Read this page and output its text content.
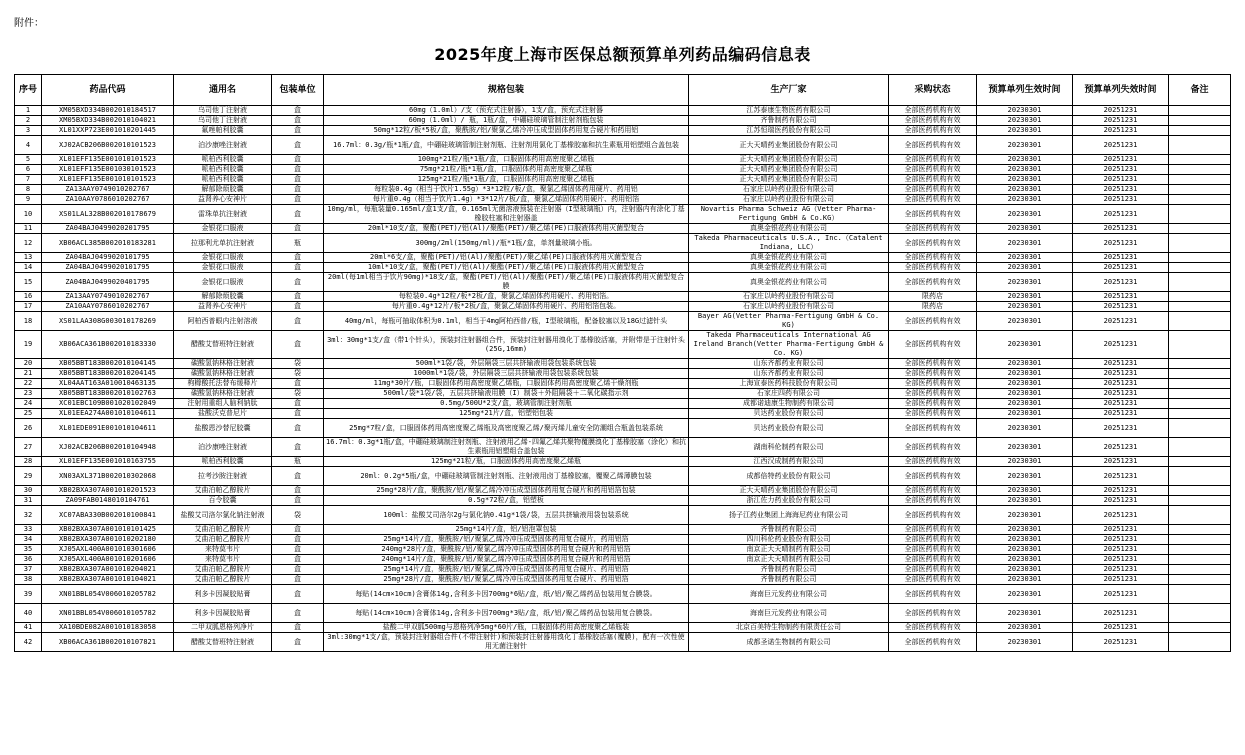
附件：
2025年度上海市医保总额预算单列药品编码信息表
序号	药品代码	通用名	包装单位	规格包装	生产厂家	采购状态	预算单列生效时间	预算单列失效时间	备注
1	XM05BXD334B002010184517	乌司他丁注射液	盒	60mg（1.0ml）/支（预充式注射器），1支/盒，预充式注射器	江苏泰康生物医药有限公司	全部医药机构有效	20230301	20251231	
2	XM05BXD334B002010104021	乌司他丁注射液	盒	60mg（1.0ml）/ 瓶，1瓶/盒，中硼硅玻璃管制注射剂瓶包装	齐鲁制药有限公司	全部医药机构有效	20230301	20251231	
3	XL01XXP723E001010201445	氟唑帕利胶囊	盒	50mg*12粒/板*5板/盒，聚酰胺/铝/聚氯乙烯冷冲压成型固体药用复合硬片和药用铝	江苏恒瑞医药股份有限公司	全部医药机构有效	20230301	20251231	
4	XJ02ACB206B002010101523	泊沙康唑注射液	盒	16.7ml：0.3g/瓶*1瓶/盒，中硼硅玻璃管制注射剂瓶、注射剂用氯化丁基橡胶塞和抗生素瓶用铝塑组合盖包装	正大天晴药业集团股份有限公司	全部医药机构有效	20230301	20251231	
5	XL01EFF135E001010101523	哌柏西利胶囊	盒	100mg*21粒/瓶*1瓶/盒，口服固体药用高密度聚乙烯瓶	正大天晴药业集团股份有限公司	全部医药机构有效	20230301	20251231	
6	XL01EFF135E001030101523	哌柏西利胶囊	盒	75mg*21粒/瓶*1瓶/盒，口服固体药用高密度聚乙烯瓶	正大天晴药业集团股份有限公司	全部医药机构有效	20230301	20251231	
7	XL01EFF135E001010101523	哌柏西利胶囊	盒	125mg*21粒/瓶*1瓶/盒，口服固体药用高密度聚乙烯瓶	正大天晴药业集团股份有限公司	全部医药机构有效	20230301	20251231	
8	ZA13AAY0749010202767	解郁除烦胶囊	盒	每粒装0.4g（相当于饮片1.55g）*3*12粒/板/盒，聚氯乙烯固体药用硬片、药用铝	石家庄以岭药业股份有限公司	全部医药机构有效	20230301	20251231	
9	ZA10AAY0786010202767	益肾养心安神片	盒	每片重0.4g（相当于饮片1.4g）*3*12片/板/盒，聚氯乙烯固体药用硬片、药用铝箔	石家庄以岭药业股份有限公司	全部医药机构有效	20230301	20251231	
10	XS01LAL328B002010178679	雷珠单抗注射液	盒	10mg/ml，每瓶装量0.165ml/盒1支/盒，0.165ml无菌溶液预装在注射器（I型玻璃瓶）内，注射器内有涂化丁基橡胶柱塞和注射器盖	Novartis Pharma Schweiz AG（Vetter Pharma-Fertigung GmbH & Co.KG）	全部医药机构有效	20230301	20251231	
11	ZA04BAJ0499020201795	金银花口服液	盒	20ml*10支/盒，聚酯(PET)/铝(Al)/聚酯(PET)/聚乙烯(PE)口服液体药用灭菌型复合	真奥金银花药业有限公司	全部医药机构有效	20230301	20251231	
12	XB06ACL385B002010183281	拉那利尤单抗注射液	瓶	300mg/2ml(150mg/ml)/瓶*1瓶/盒，单剂量玻璃小瓶。	Takeda Pharmaceuticals U.S.A., Inc.（Catalent Indiana, LLC）	全部医药机构有效	20230301	20251231	
13	ZA04BAJ0499020101795	金银花口服液	盒	20ml*6支/盒，聚酯(PET)/铝(Al)/聚酯(PET)/聚乙烯(PE)口服液体药用灭菌型复合	真奥金银花药业有限公司	全部医药机构有效	20230301	20251231	
14	ZA04BAJ0499020101795	金银花口服液	盒	10ml*10支/盒，聚酯(PET)/铝(Al)/聚酯(PET)/聚乙烯(PE)口服液体药用灭菌型复合	真奥金银花药业有限公司	全部医药机构有效	20230301	20251231	
15	ZA04BAJ0499020401795	金银花口服液	盒	20ml(每1ml相当于饮片90mg)*18支/盒，聚酯(PET)/铝(Al)/聚酯(PET)/聚乙烯(PE)口服液体药用灭菌型复合膜	真奥金银花药业有限公司	全部医药机构有效	20230301	20251231	
16	ZA13AAY0749010202767	解郁除烦胶囊	盒	每粒装0.4g*12粒/板*2板/盒，聚氯乙烯固体药用硬片、药用铝箔。	石家庄以岭药业股份有限公司	限药店	20230301	20251231	
17	ZA10AAY0786010202767	益肾养心安神片	盒	每片重0.4g*12片/板*2板/盒，聚氯乙烯固体药用硬片、药用铝箔包装。	石家庄以岭药业股份有限公司	限药店	20230301	20251231	
18	XS01LAA308G003010178269	阿柏西普眼内注射溶液	盒	40mg/ml，每瓶可抽取体积为0.1ml，相当于4mg阿柏西普/瓶，I型玻璃瓶，配备胶塞以及18G过滤针头	Bayer AG(Vetter Pharma-Fertigung GmbH & Co. KG)	全部医药机构有效	20230301	20251231	
19	XB06ACA361B002010183330	醋酸艾替班特注射液	盒	3ml：30mg*1支/盒（带1个针头），预装封注射器组合件，预装封注射器用溴化丁基橡胶活塞，并附带是于注射针头(25G,16mm)	Takeda Pharmaceuticals International AG Ireland Branch(Vetter Pharma-Fertigung GmbH & Co. KG)	全部医药机构有效	20230301	20251231	
20	XB05BBT183B002010104145	碳酸氢钠林格注射液	袋	500ml*1袋/袋，外层隔袋三层共挤输液用袋包装系统包装	山东齐都药业有限公司	全部医药机构有效	20230301	20251231	
21	XB05BBT183B002010204145	碳酸氢钠林格注射液	袋	1000ml*1袋/袋，外层隔袋三层共挤输液用袋包装系统包装	山东齐都药业有限公司	全部医药机构有效	20230301	20251231	
22	XL04AAT163A010010463135	枸橼酸托法替布缓释片	盒	11mg*30片/瓶，口服固体药用高密度聚乙烯瓶，口服固体药用高密度聚乙烯干燥剂瓶	上海宣泰医药科技股份有限公司	全部医药机构有效	20230301	20251231	
23	XB05BBT183B002010102763	碳酸氢钠林格注射液	袋	500ml/袋*1袋/袋，五层共挤输液用膜（I）制袋＋外阻隔袋＋二氧化碳指示剂	石家庄四药有限公司	全部医药机构有效	20230301	20251231	
24	XC01EBC109B001020102049	注射用重组人脑利钠肽	盒	0.5mg/500U*2支/盒，玻璃管制注射剂瓶	成都诺迪康生物制药有限公司	全部医药机构有效	20230301	20251231	
25	XL01EEA274A001010104611	盐酸沃克普尼片	盒	125mg*21片/盒，铝塑铝包装	贝达药业股份有限公司	全部医药机构有效	20230301	20251231	
26	XL01EDE091E001010104611	盐酸恩沙替尼胶囊	盒	25mg*7粒/盒，口服固体药用高密度聚乙烯瓶及高密度聚乙烯/聚丙烯儿童安全防潮组合瓶盖包装系统	贝达药业股份有限公司	全部医药机构有效	20230301	20251231	
27	XJ02ACB206B002010104948	泊沙康唑注射液	盒	16.7ml：0.3g*1瓶/盒，中硼硅玻璃制注射剂瓶、注射液用乙烯-四氟乙烯共聚物覆膜溴化丁基橡胶塞（涂化）和抗生素瓶用铝塑组合盖包装	湖南科伦制药有限公司	全部医药机构有效	20230301	20251231	
28	XL01EFF135E001010163755	哌柏西利胶囊	瓶	125mg*21粒/瓶，口服固体药用高密度聚乙烯瓶	江西汉成制药有限公司	全部医药机构有效	20230301	20251231	
29	XN03AXL371B002010302068	拉考沙胺注射液	盒	20ml：0.2g*5瓶/盒，中硼硅玻璃管制注射剂瓶、注射液用卤丁基橡胶塞，覆聚乙烯薄膜包装	成都倍特药业股份有限公司	全部医药机构有效	20230301	20251231	
30	XB02BXA307A001010201523	艾曲泊帕乙醇胺片	盒	25mg*28片/盒，聚酰胺/铝/聚氯乙烯冷冲压成型固体药用复合硬片和药用铝箔包装	正大天晴药业集团股份有限公司	全部医药机构有效	20230301	20251231	
31	ZA09FAB0148010104761	百令胶囊	盒	0.5g*72粒/盒，铝塑板	浙江佐力药业股份有限公司	全部医药机构有效	20230301	20251231	
32	XC07ABA330B002010100841	盐酸艾司洛尔氯化钠注射液	袋	100ml：盐酸艾司洛尔2g与氯化钠0.41g*1袋/袋，五层共挤输液用袋包装系统	扬子江药业集团上海海尼药业有限公司	全部医药机构有效	20230301	20251231	
33	XB02BXA307A001010101425	艾曲泊帕乙醇胺片	盒	25mg*14片/盒，铝/铝泡罩包装	齐鲁制药有限公司	全部医药机构有效	20230301	20251231	
34	XB02BXA307A001010202180	艾曲泊帕乙醇胺片	盒	25mg*14片/盒，聚酰胺/铝/聚氯乙烯冷冲压成型固体药用复合硬片，药用铝箔	四川科伦药业股份有限公司	全部医药机构有效	20230301	20251231	
35	XJ05AXL400A001010301606	来特莫韦片	盒	240mg*28片/盒，聚酰胺/铝/聚氯乙烯冷冲压成型固体药用复合硬片和药用铝箔	南京正大天晴制药有限公司	全部医药机构有效	20230301	20251231	
36	XJ05AXL400A001010201606	来特莫韦片	盒	240mg*14片/盒，聚酰胺/铝/聚氯乙烯冷冲压成型固体药用复合硬片和药用铝箔	南京正大天晴制药有限公司	全部医药机构有效	20230301	20251231	
37	XB02BXA307A001010204021	艾曲泊帕乙醇胺片	盒	25mg*14片/盒，聚酰胺/铝/聚氯乙烯冷冲压成型固体药用复合硬片、药用铝箔	齐鲁制药有限公司	全部医药机构有效	20230301	20251231	
38	XB02BXA307A001010104021	艾曲泊帕乙醇胺片	盒	25mg*28片/盒，聚酰胺/铝/聚氯乙烯冷冲压成型固体药用复合硬片、药用铝箔	齐鲁制药有限公司	全部医药机构有效	20230301	20251231	
39	XN01BBL054V006010205782	利多卡因凝胶贴膏	盒	每贴(14cm×10cm)含膏体14g,含利多卡因700mg*6贴/盒，纸/铝/聚乙烯药品包装用复合膜袋。	海南巨元发药业有限公司	全部医药机构有效	20230301	20251231	
40	XN01BBL054V006010105782	利多卡因凝胶贴膏	盒	每贴(14cm×10cm)含膏体14g,含利多卡因700mg*3贴/盒，纸/铝/聚乙烯药品包装用复合膜袋。	海南巨元发药业有限公司	全部医药机构有效	20230301	20251231	
41	XA10BDE082A001010183058	二甲双胍恩格列净片	盒	盐酸二甲双胍500mg与恩格列净5mg*60片/瓶，口服固体药用高密度聚乙烯瓶装	北京百美特生物制药有限责任公司	全部医药机构有效	20230301	20251231	
42	XB06ACA361B002010107821	醋酸艾替班特注射液	盒	3ml:30mg*1支/盒，预装封注射器组合件(不带注射针)和预装封注射器用溴化丁基橡胶活塞(覆膜)，配有一次性使用无菌注射针	成都圣诺生物制药有限公司	全部医药机构有效	20230301	20251231	
